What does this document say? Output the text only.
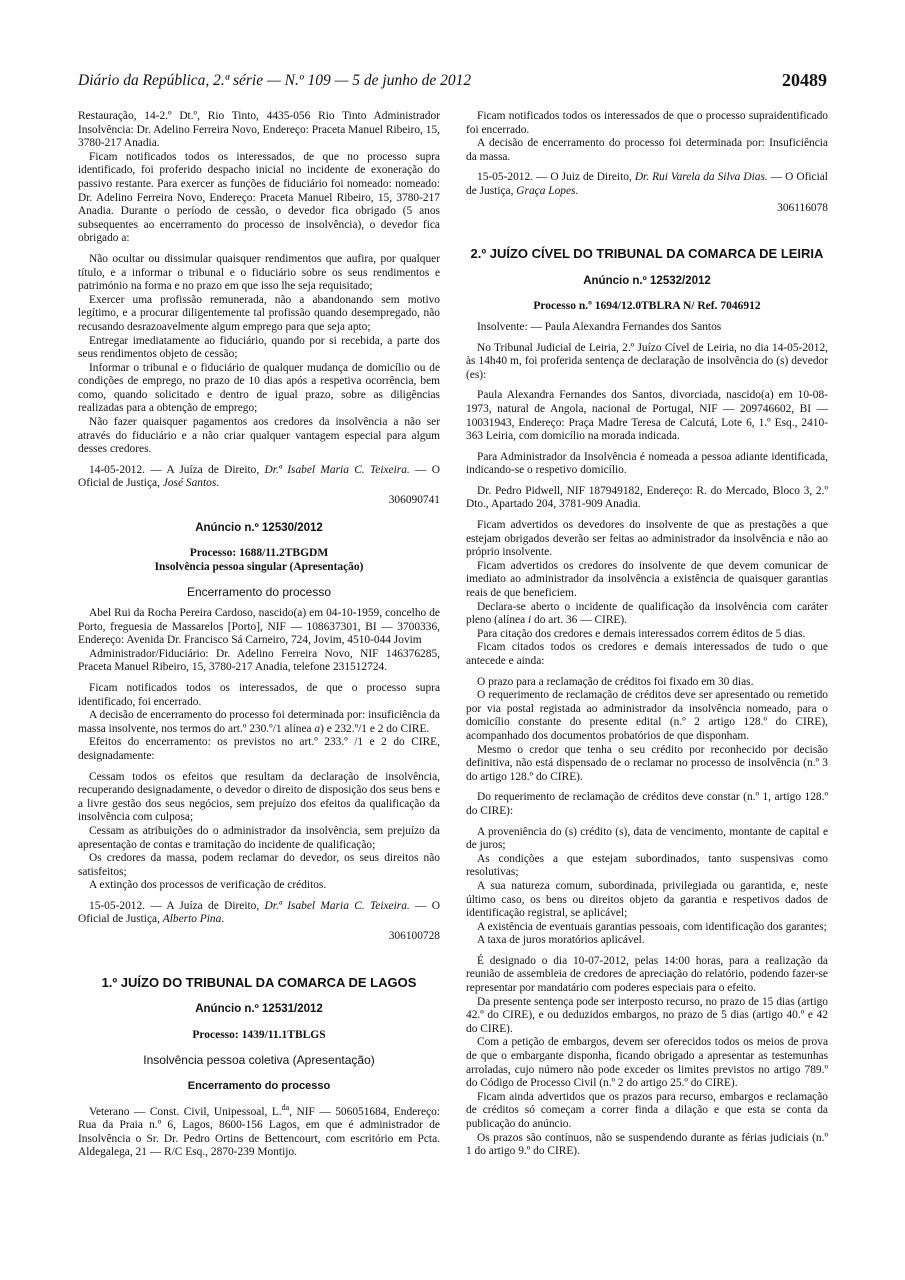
Diário da República, 2.ª série — N.º 109 — 5 de junho de 2012	20489

Restauração, 14-2.º Dt.º, Rio Tinto, 4435-056 Rio Tinto Administrador Insolvência: Dr. Adelino Ferreira Novo, Endereço: Praceta Manuel Ribeiro, 15, 3780-217 Anadia.

Ficam notificados todos os interessados, de que no processo supra identificado, foi proferido despacho inicial no incidente de exoneração do passivo restante. Para exercer as funções de fiduciário foi nomeado: nomeado: Dr. Adelino Ferreira Novo, Endereço: Praceta Manuel Ribeiro, 15, 3780-217 Anadia. Durante o período de cessão, o devedor fica obrigado (5 anos subsequentes ao encerramento do processo de insolvência), o devedor fica obrigado a:

Não ocultar ou dissimular quaisquer rendimentos que aufira, por qualquer título, e a informar o tribunal e o fiduciário sobre os seus rendimentos e património na forma e no prazo em que isso lhe seja requisitado;

Exercer uma profissão remunerada, não a abandonando sem motivo legítimo, e a procurar diligentemente tal profissão quando desempregado, não recusando desrazoavelmente algum emprego para que seja apto;

Entregar imediatamente ao fiduciário, quando por si recebida, a parte dos seus rendimentos objeto de cessão;

Informar o tribunal e o fiduciário de qualquer mudança de domicílio ou de condições de emprego, no prazo de 10 dias após a respetiva ocorrência, bem como, quando solicitado e dentro de igual prazo, sobre as diligências realizadas para a obtenção de emprego;

Não fazer quaisquer pagamentos aos credores da insolvência a não ser através do fiduciário e a não criar qualquer vantagem especial para algum desses credores.

14-05-2012. — A Juíza de Direito, Dr.ª Isabel Maria C. Teixeira. — O Oficial de Justiça, José Santos.

306090741

Anúncio n.º 12530/2012

Processo: 1688/11.2TBGDM

Insolvência pessoa singular (Apresentação)

Encerramento do processo

Abel Rui da Rocha Pereira Cardoso, nascido(a) em 04-10-1959, concelho de Porto, freguesia de Massarelos [Porto], NIF — 108637301, BI — 3700336, Endereço: Avenida Dr. Francisco Sá Carneiro, 724, Jovim, 4510-044 Jovim

Administrador/Fiduciário: Dr. Adelino Ferreira Novo, NIF 146376285, Praceta Manuel Ribeiro, 15, 3780-217 Anadia, telefone 231512724.

Ficam notificados todos os interessados, de que o processo supra identificado, foi encerrado.

A decisão de encerramento do processo foi determinada por: insuficiência da massa insolvente, nos termos do art.º 230.º/1 alínea a) e 232.º/1 e 2 do CIRE.

Efeitos do encerramento: os previstos no art.º 233.º /1 e 2 do CIRE, designadamente:

Cessam todos os efeitos que resultam da declaração de insolvência, recuperando designadamente, o devedor o direito de disposição dos seus bens e a livre gestão dos seus negócios, sem prejuízo dos efeitos da qualificação da insolvência com culposa;

Cessam as atribuições do o administrador da insolvência, sem prejuízo da apresentação de contas e tramitação do incidente de qualificação;

Os credores da massa, podem reclamar do devedor, os seus direitos não satisfeitos;

A extinção dos processos de verificação de créditos.

15-05-2012. — A Juíza de Direito, Dr.ª Isabel Maria C. Teixeira. — O Oficial de Justiça, Alberto Pina.

306100728

1.º JUÍZO DO TRIBUNAL DA COMARCA DE LAGOS

Anúncio n.º 12531/2012

Processo: 1439/11.1TBLGS

Insolvência pessoa coletiva (Apresentação)

Encerramento do processo

Veterano — Const. Civil, Unipessoal, L.$^{da}$, NIF — 506051684, Endereço: Rua da Praia n.º 6, Lagos, 8600-156 Lagos, em que é administrador de Insolvência o Sr. Dr. Pedro Ortins de Bettencourt, com escritório em Pcta. Aldegalega, 21 — R/C Esq., 2870-239 Montijo.

Ficam notificados todos os interessados de que o processo supraidentificado foi encerrado.

A decisão de encerramento do processo foi determinada por: Insuficiência da massa.

15-05-2012. — O Juiz de Direito, Dr. Rui Varela da Silva Dias. — O Oficial de Justiça, Graça Lopes.

306116078

2.º JUÍZO CÍVEL DO TRIBUNAL DA COMARCA DE LEIRIA

Anúncio n.º 12532/2012

Processo n.º 1694/12.0TBLRA N/ Ref. 7046912

Insolvente: — Paula Alexandra Fernandes dos Santos

No Tribunal Judicial de Leiria, 2.º Juízo Cível de Leiria, no dia 14-05-2012, às 14h40 m, foi proferida sentença de declaração de insolvência do (s) devedor (es):

Paula Alexandra Fernandes dos Santos, divorciada, nascido(a) em 10-08-1973, natural de Angola, nacional de Portugal, NIF — 209746602, BI — 10031943, Endereço: Praça Madre Teresa de Calcutá, Lote 6, 1.º Esq., 2410-363 Leiria, com domicílio na morada indicada.

Para Administrador da Insolvência é nomeada a pessoa adiante identificada, indicando-se o respetivo domicílio.

Dr. Pedro Pidwell, NIF 187949182, Endereço: R. do Mercado, Bloco 3, 2.º Dto., Apartado 204, 3781-909 Anadia.

Ficam advertidos os devedores do insolvente de que as prestações a que estejam obrigados deverão ser feitas ao administrador da insolvência e não ao próprio insolvente.

Ficam advertidos os credores do insolvente de que devem comunicar de imediato ao administrador da insolvência a existência de quaisquer garantias reais de que beneficiem.

Declara-se aberto o incidente de qualificação da insolvência com caráter pleno (alínea i do art. 36 — CIRE).

Para citação dos credores e demais interessados correm éditos de 5 dias.

Ficam citados todos os credores e demais interessados de tudo o que antecede e ainda:

O prazo para a reclamação de créditos foi fixado em 30 dias.

O requerimento de reclamação de créditos deve ser apresentado ou remetido por via postal registada ao administrador da insolvência nomeado, para o domicílio constante do presente edital (n.º 2 artigo 128.º do CIRE), acompanhado dos documentos probatórios de que disponham.

Mesmo o credor que tenha o seu crédito por reconhecido por decisão definitiva, não está dispensado de o reclamar no processo de insolvência (n.º 3 do artigo 128.º do CIRE).

Do requerimento de reclamação de créditos deve constar (n.º 1, artigo 128.º do CIRE):

A proveniência do (s) crédito (s), data de vencimento, montante de capital e de juros;

As condições a que estejam subordinados, tanto suspensivas como resolutivas;

A sua natureza comum, subordinada, privilegiada ou garantida, e, neste último caso, os bens ou direitos objeto da garantia e respetivos dados de identificação registral, se aplicável;

A existência de eventuais garantias pessoais, com identificação dos garantes;

A taxa de juros moratórios aplicável.

É designado o dia 10-07-2012, pelas 14:00 horas, para a realização da reunião de assembleia de credores de apreciação do relatório, podendo fazer-se representar por mandatário com poderes especiais para o efeito.

Da presente sentença pode ser interposto recurso, no prazo de 15 dias (artigo 42.º do CIRE), e ou deduzidos embargos, no prazo de 5 dias (artigo 40.º e 42 do CIRE).

Com a petição de embargos, devem ser oferecidos todos os meios de prova de que o embargante disponha, ficando obrigado a apresentar as testemunhas arroladas, cujo número não pode exceder os limites previstos no artigo 789.º do Código de Processo Civil (n.º 2 do artigo 25.º do CIRE).

Ficam ainda advertidos que os prazos para recurso, embargos e reclamação de créditos só começam a correr finda a dilação e que esta se conta da publicação do anúncio.

Os prazos são contínuos, não se suspendendo durante as férias judiciais (n.º 1 do artigo 9.º do CIRE).
